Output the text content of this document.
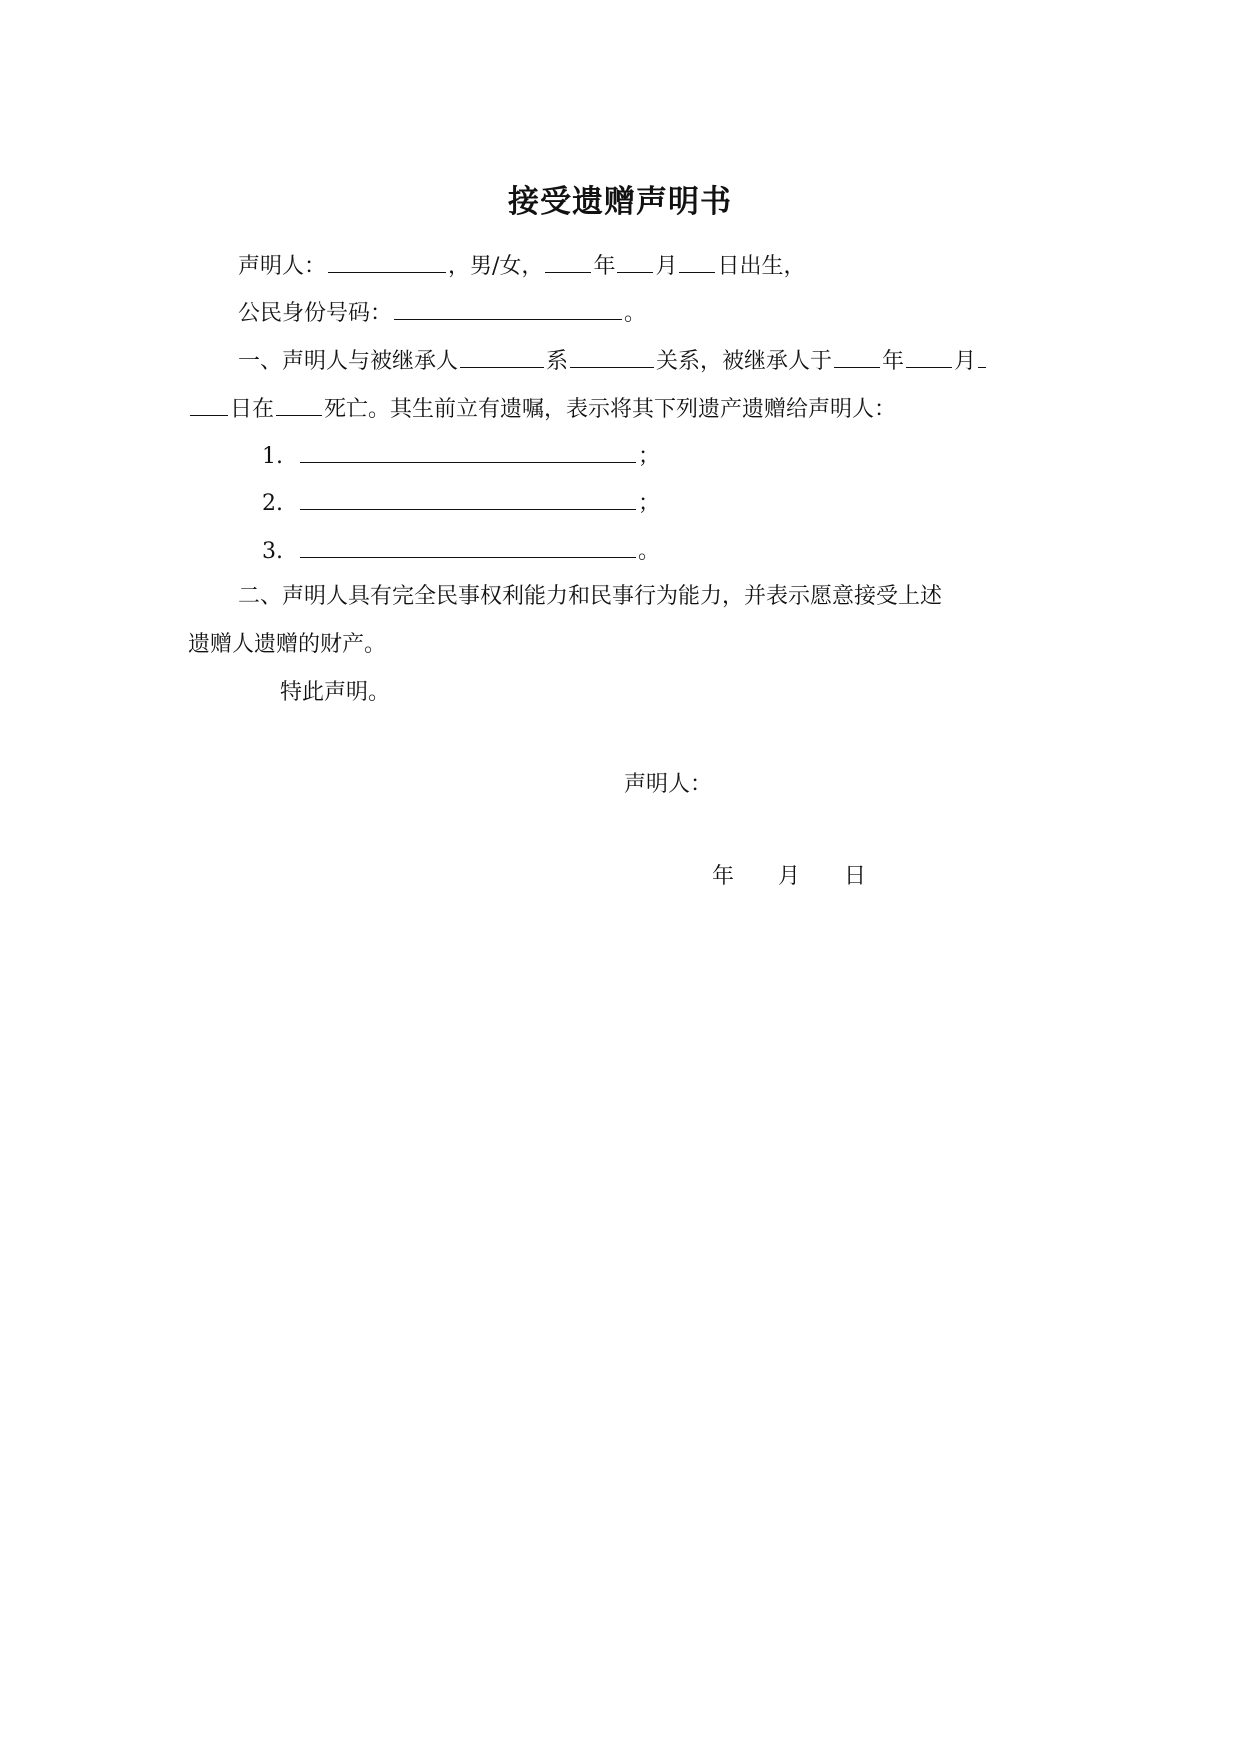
接受遗赠声明书
声明人：	，男/女， 年 月 日出生，
公民身份号码：	。
一、声明人与被继承人	系	关系，被继承人于 年 月
日在 死亡。其生前立有遗嘱，表示将其下列遗产遗赠给声明人：
1.	；
2.	；
3.	。
二、声明人具有完全民事权利能力和民事行为能力，并表示愿意接受上述
遗赠人遗赠的财产。
特此声明。
声明人：
年 月 日
